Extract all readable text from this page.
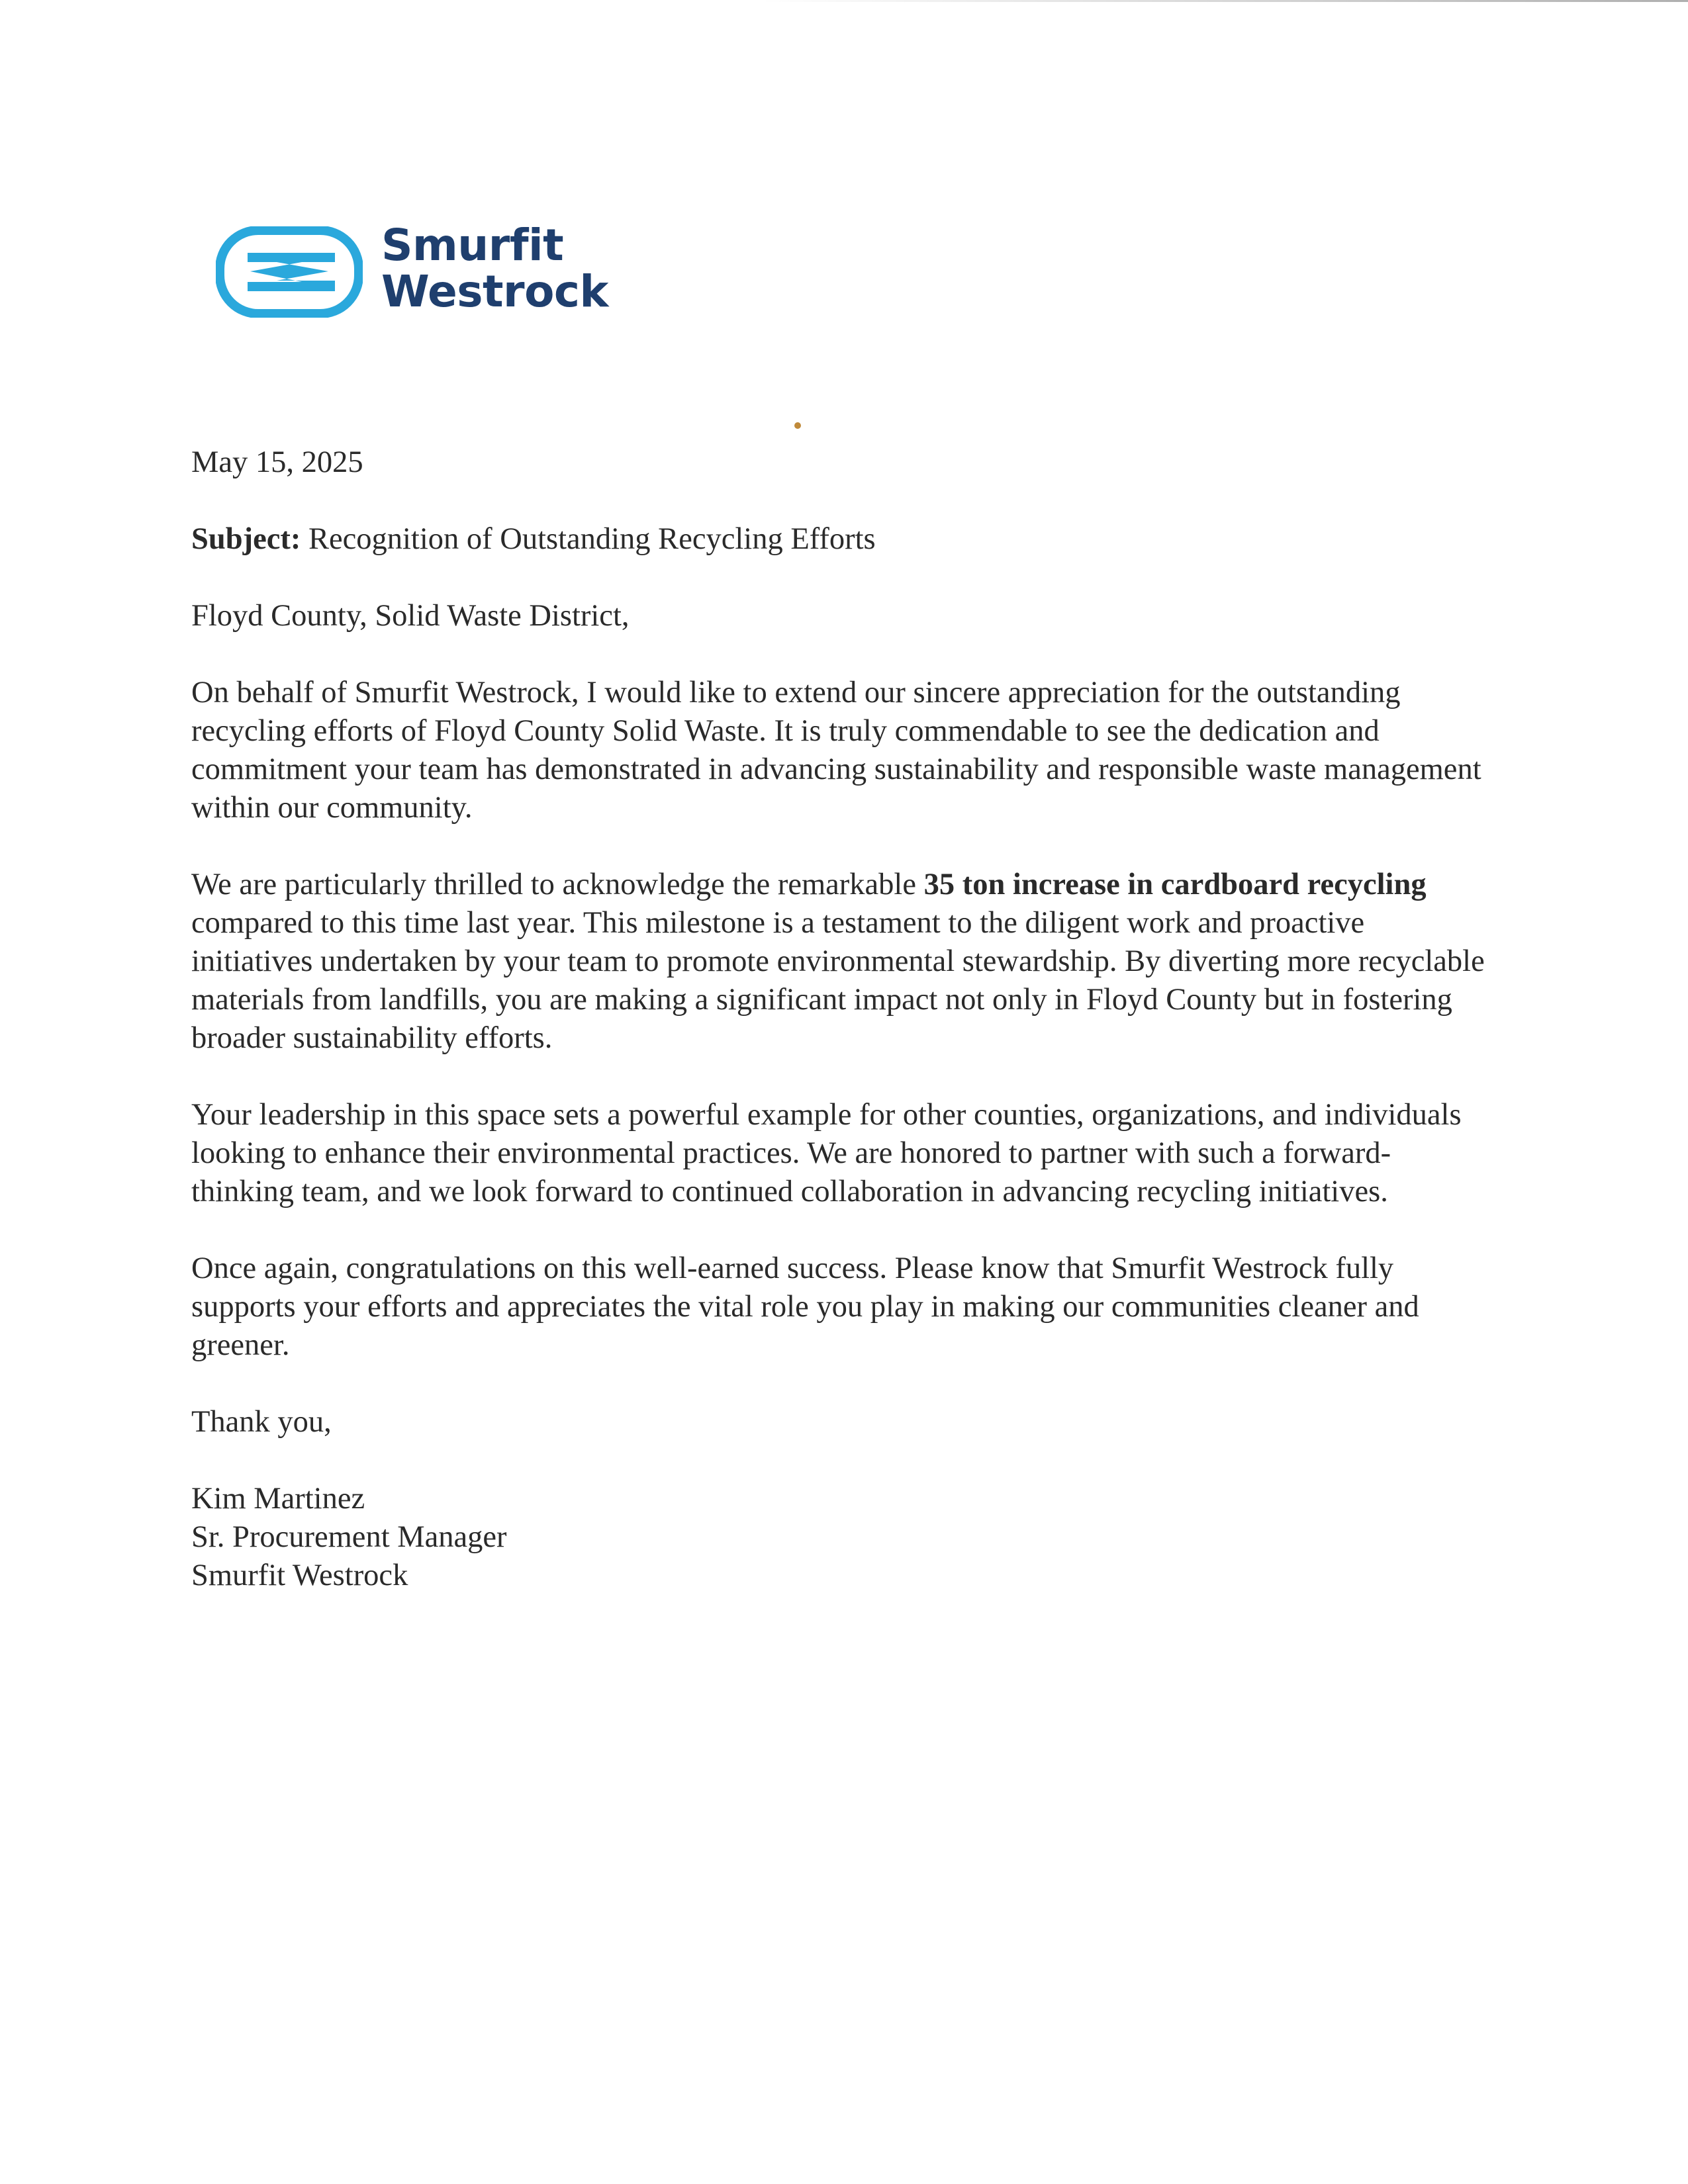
Smurfit
Westrock

May 15, 2025

Subject: Recognition of Outstanding Recycling Efforts

Floyd County, Solid Waste District,

On behalf of Smurfit Westrock, I would like to extend our sincere appreciation for the outstanding recycling efforts of Floyd County Solid Waste. It is truly commendable to see the dedication and commitment your team has demonstrated in advancing sustainability and responsible waste management within our community.

We are particularly thrilled to acknowledge the remarkable 35 ton increase in cardboard recycling compared to this time last year. This milestone is a testament to the diligent work and proactive initiatives undertaken by your team to promote environmental stewardship. By diverting more recyclable materials from landfills, you are making a significant impact not only in Floyd County but in fostering broader sustainability efforts.

Your leadership in this space sets a powerful example for other counties, organizations, and individuals looking to enhance their environmental practices. We are honored to partner with such a forward-thinking team, and we look forward to continued collaboration in advancing recycling initiatives.

Once again, congratulations on this well-earned success. Please know that Smurfit Westrock fully supports your efforts and appreciates the vital role you play in making our communities cleaner and greener.

Thank you,

Kim Martinez

Sr. Procurement Manager

Smurfit Westrock
